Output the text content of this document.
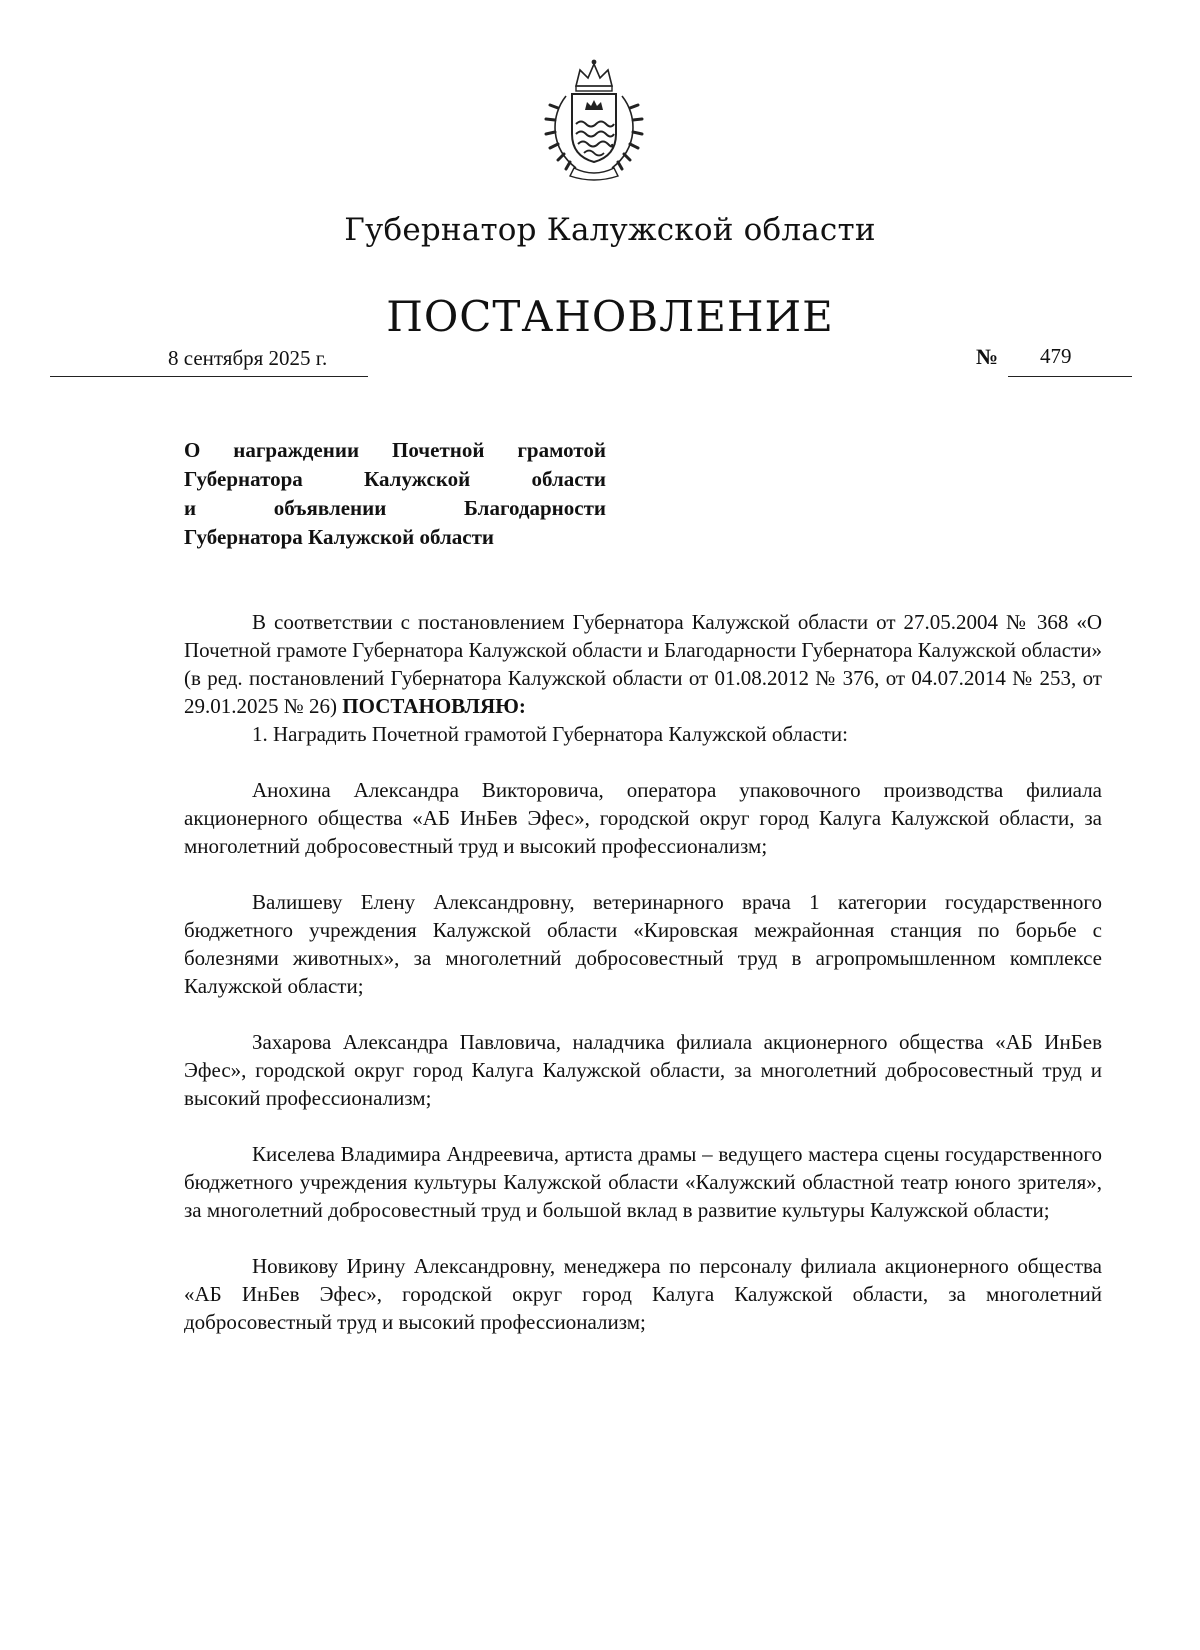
Губернатор Калужской области
ПОСТАНОВЛЕНИЕ
8 сентября 2025 г.	№ 479
О награждении Почетной грамотой
Губернатора Калужской области
и объявлении Благодарности
Губернатора Калужской области

В соответствии с постановлением Губернатора Калужской области от 27.05.2004 № 368 «О Почетной грамоте Губернатора Калужской области и Благодарности Губернатора Калужской области» (в ред. постановлений Губернатора Калужской области от 01.08.2012 № 376, от 04.07.2014 № 253, от 29.01.2025 № 26) ПОСТАНОВЛЯЮ:

1. Наградить Почетной грамотой Губернатора Калужской области:

Анохина Александра Викторовича, оператора упаковочного производства филиала акционерного общества «АБ ИнБев Эфес», городской округ город Калуга Калужской области, за многолетний добросовестный труд и высокий профессионализм;

Валишеву Елену Александровну, ветеринарного врача 1 категории государственного бюджетного учреждения Калужской области «Кировская межрайонная станция по борьбе с болезнями животных», за многолетний добросовестный труд в агропромышленном комплексе Калужской области;

Захарова Александра Павловича, наладчика филиала акционерного общества «АБ ИнБев Эфес», городской округ город Калуга Калужской области, за многолетний добросовестный труд и высокий профессионализм;

Киселева Владимира Андреевича, артиста драмы – ведущего мастера сцены государственного бюджетного учреждения культуры Калужской области «Калужский областной театр юного зрителя», за многолетний добросовестный труд и большой вклад в развитие культуры Калужской области;

Новикову Ирину Александровну, менеджера по персоналу филиала акционерного общества «АБ ИнБев Эфес», городской округ город Калуга Калужской области, за многолетний добросовестный труд и высокий профессионализм;
